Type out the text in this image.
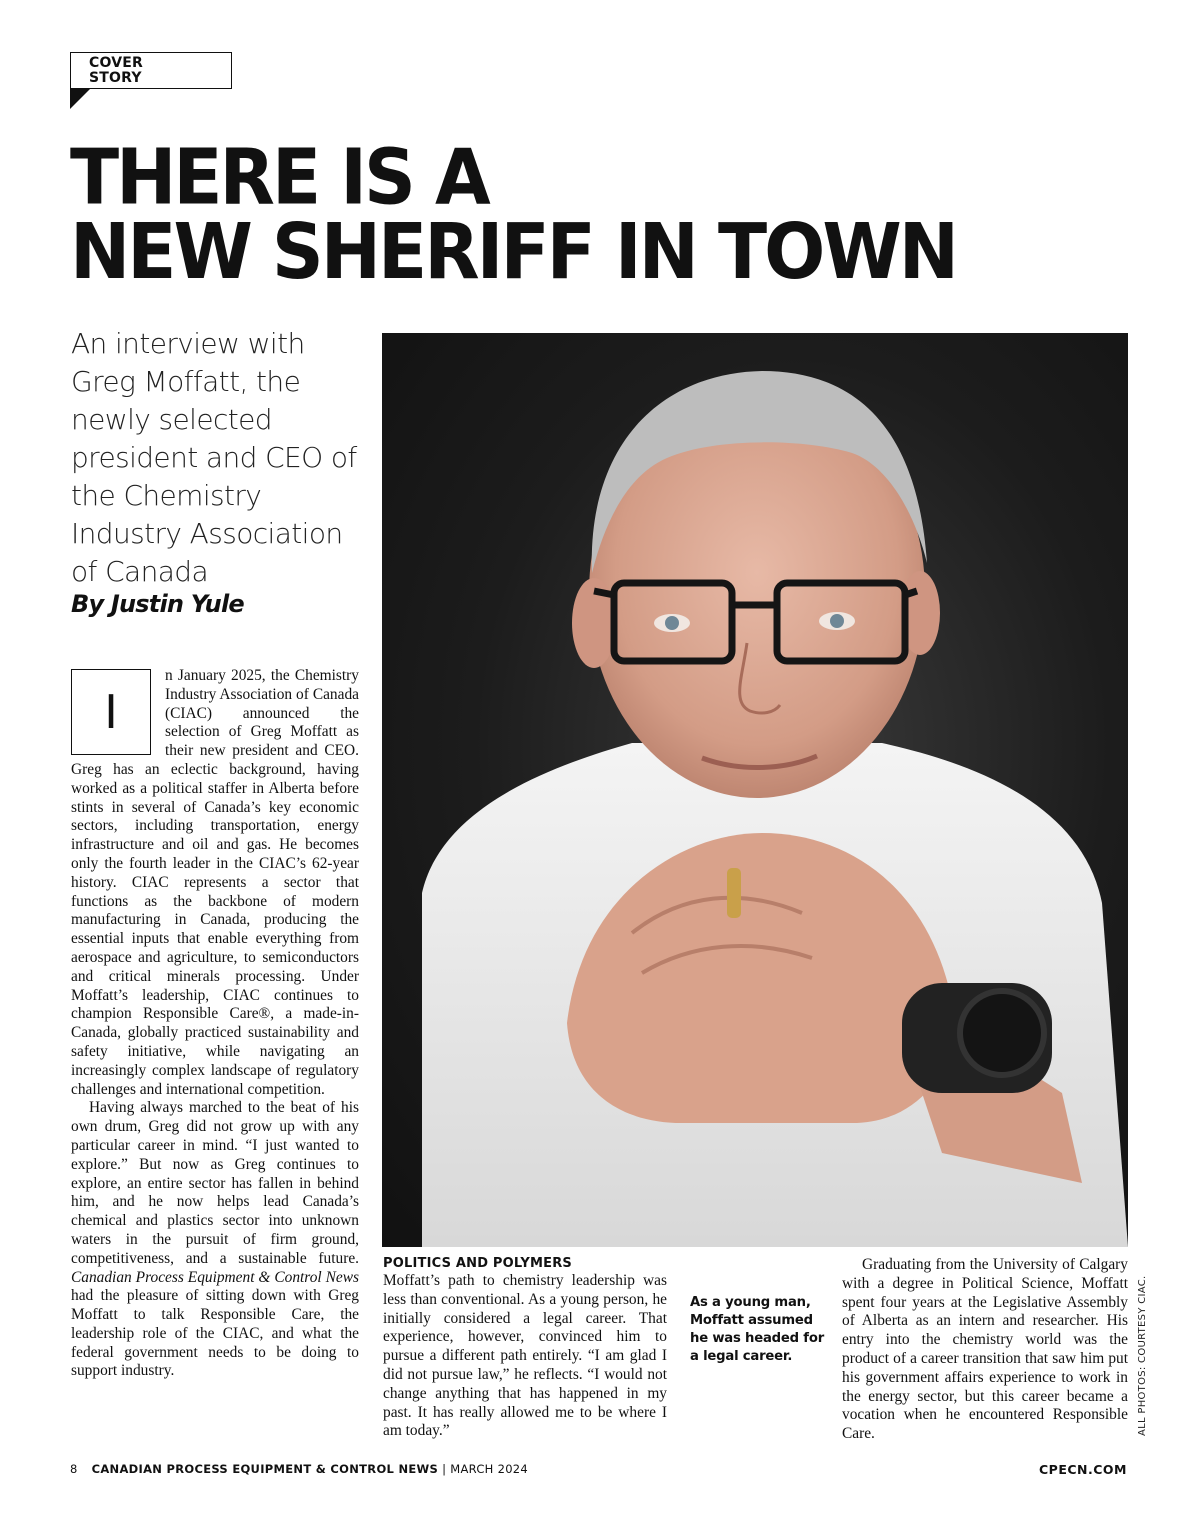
COVER
STORY
THERE IS A
NEW SHERIFF IN TOWN
An interview with Greg Moffatt, the newly selected president and CEO of the Chemistry Industry Association of Canada
By Justin Yule
I

n January 2025, the Chemistry Industry Association of Canada (CIAC) announced the selection of Greg Moffatt as their new president and CEO. Greg has an eclectic background, having worked as a political staffer in Alberta before stints in several of Canada’s key economic sectors, including transportation, energy infrastructure and oil and gas. He becomes only the fourth leader in the CIAC’s 62-year history. CIAC represents a sector that functions as the backbone of modern manufacturing in Canada, producing the essential inputs that enable everything from aerospace and agriculture, to semiconductors and critical minerals processing. Under Moffatt’s leadership, CIAC continues to champion Responsible Care®, a made-in-Canada, globally practiced sustainability and safety initiative, while navigating an increasingly complex landscape of regulatory challenges and international competition.

Having always marched to the beat of his own drum, Greg did not grow up with any particular career in mind. “I just wanted to explore.” But now as Greg continues to explore, an entire sector has fallen in behind him, and he now helps lead Canada’s chemical and plastics sector into unknown waters in the pursuit of firm ground, competitiveness, and a sustainable future. Canadian Process Equipment & Control News had the pleasure of sitting down with Greg Moffatt to talk Responsible Care, the leadership role of the CIAC, and what the federal government needs to be doing to support industry.

POLITICS AND POLYMERS

Moffatt’s path to chemistry leadership was less than conventional. As a young person, he initially considered a legal career. That experience, however, convinced him to pursue a different path entirely. “I am glad I did not pursue law,” he reflects. “I would not change anything that has happened in my past. It has really allowed me to be where I am today.”

As a young man, Moffatt assumed he was headed for a legal career.

Graduating from the University of Calgary with a degree in Political Science, Moffatt spent four years at the Legislative Assembly of Alberta as an intern and researcher. His entry into the chemistry world was the product of a career transition that saw him put his government affairs experience to work in the energy sector, but this career became a vocation when he encountered Responsible Care.	ALL PHOTOS: COURTESY CIAC.
8 CANADIAN PROCESS EQUIPMENT & CONTROL NEWS | MARCH 2024	CPECN.COM
